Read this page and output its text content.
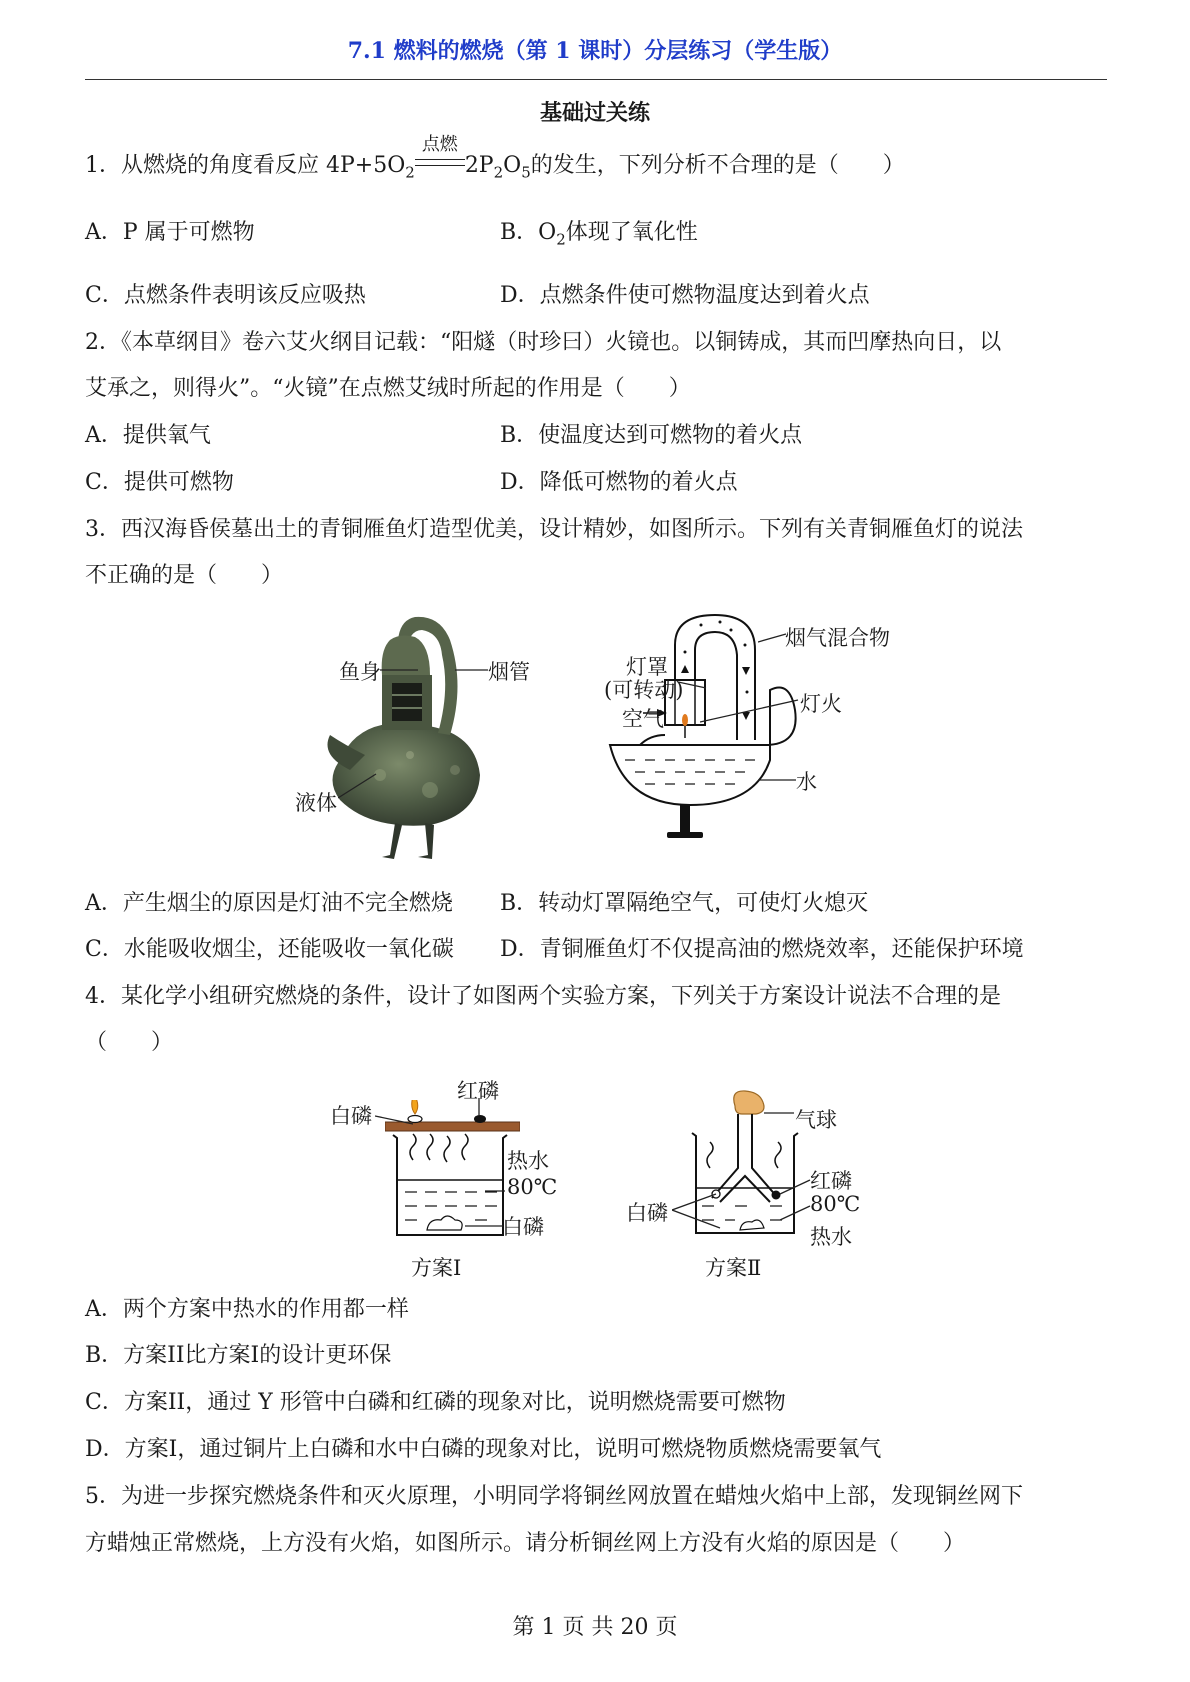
7.1 燃料的燃烧（第 1 课时）分层练习（学生版）
基础过关练
1．从燃烧的角度看反应 $4P+5O_2$
点燃
$2P_2O_5$的发生，下列分析不合理的是（　　）
A．P 属于可燃物	B．$O_2$体现了氧化性
C．点燃条件表明该反应吸热	D．点燃条件使可燃物温度达到着火点
2．《本草纲目》卷六艾火纲目记载：“阳燧（时珍曰）火镜也。以铜铸成，其而凹摩热向日，以
艾承之，则得火”。“火镜”在点燃艾绒时所起的作用是（　　）
A．提供氧气	B．使温度达到可燃物的着火点
C．提供可燃物	D．降低可燃物的着火点
3．西汉海昏侯墓出土的青铜雁鱼灯造型优美，设计精妙，如图所示。下列有关青铜雁鱼灯的说法
不正确的是（　　）
鱼身	烟管
液体
烟气混合物
灯罩
(可转动)
空气
灯火
水
A．产生烟尘的原因是灯油不完全燃烧 B．转动灯罩隔绝空气，可使灯火熄灭
C．水能吸收烟尘，还能吸收一氧化碳 D．青铜雁鱼灯不仅提高油的燃烧效率，还能保护环境
4．某化学小组研究燃烧的条件，设计了如图两个实验方案，下列关于方案设计说法不合理的是
（　　）
白磷
红磷
热水
80℃
白磷
方案Ⅰ
气球
红磷
80℃
热水
白磷
方案Ⅱ
A．两个方案中热水的作用都一样
B．方案II比方案I的设计更环保
C．方案II，通过 Y 形管中白磷和红磷的现象对比，说明燃烧需要可燃物
D．方案I，通过铜片上白磷和水中白磷的现象对比，说明可燃烧物质燃烧需要氧气
5．为进一步探究燃烧条件和灭火原理，小明同学将铜丝网放置在蜡烛火焰中上部，发现铜丝网下
方蜡烛正常燃烧，上方没有火焰，如图所示。请分析铜丝网上方没有火焰的原因是（　　）
第 1 页 共 20 页
